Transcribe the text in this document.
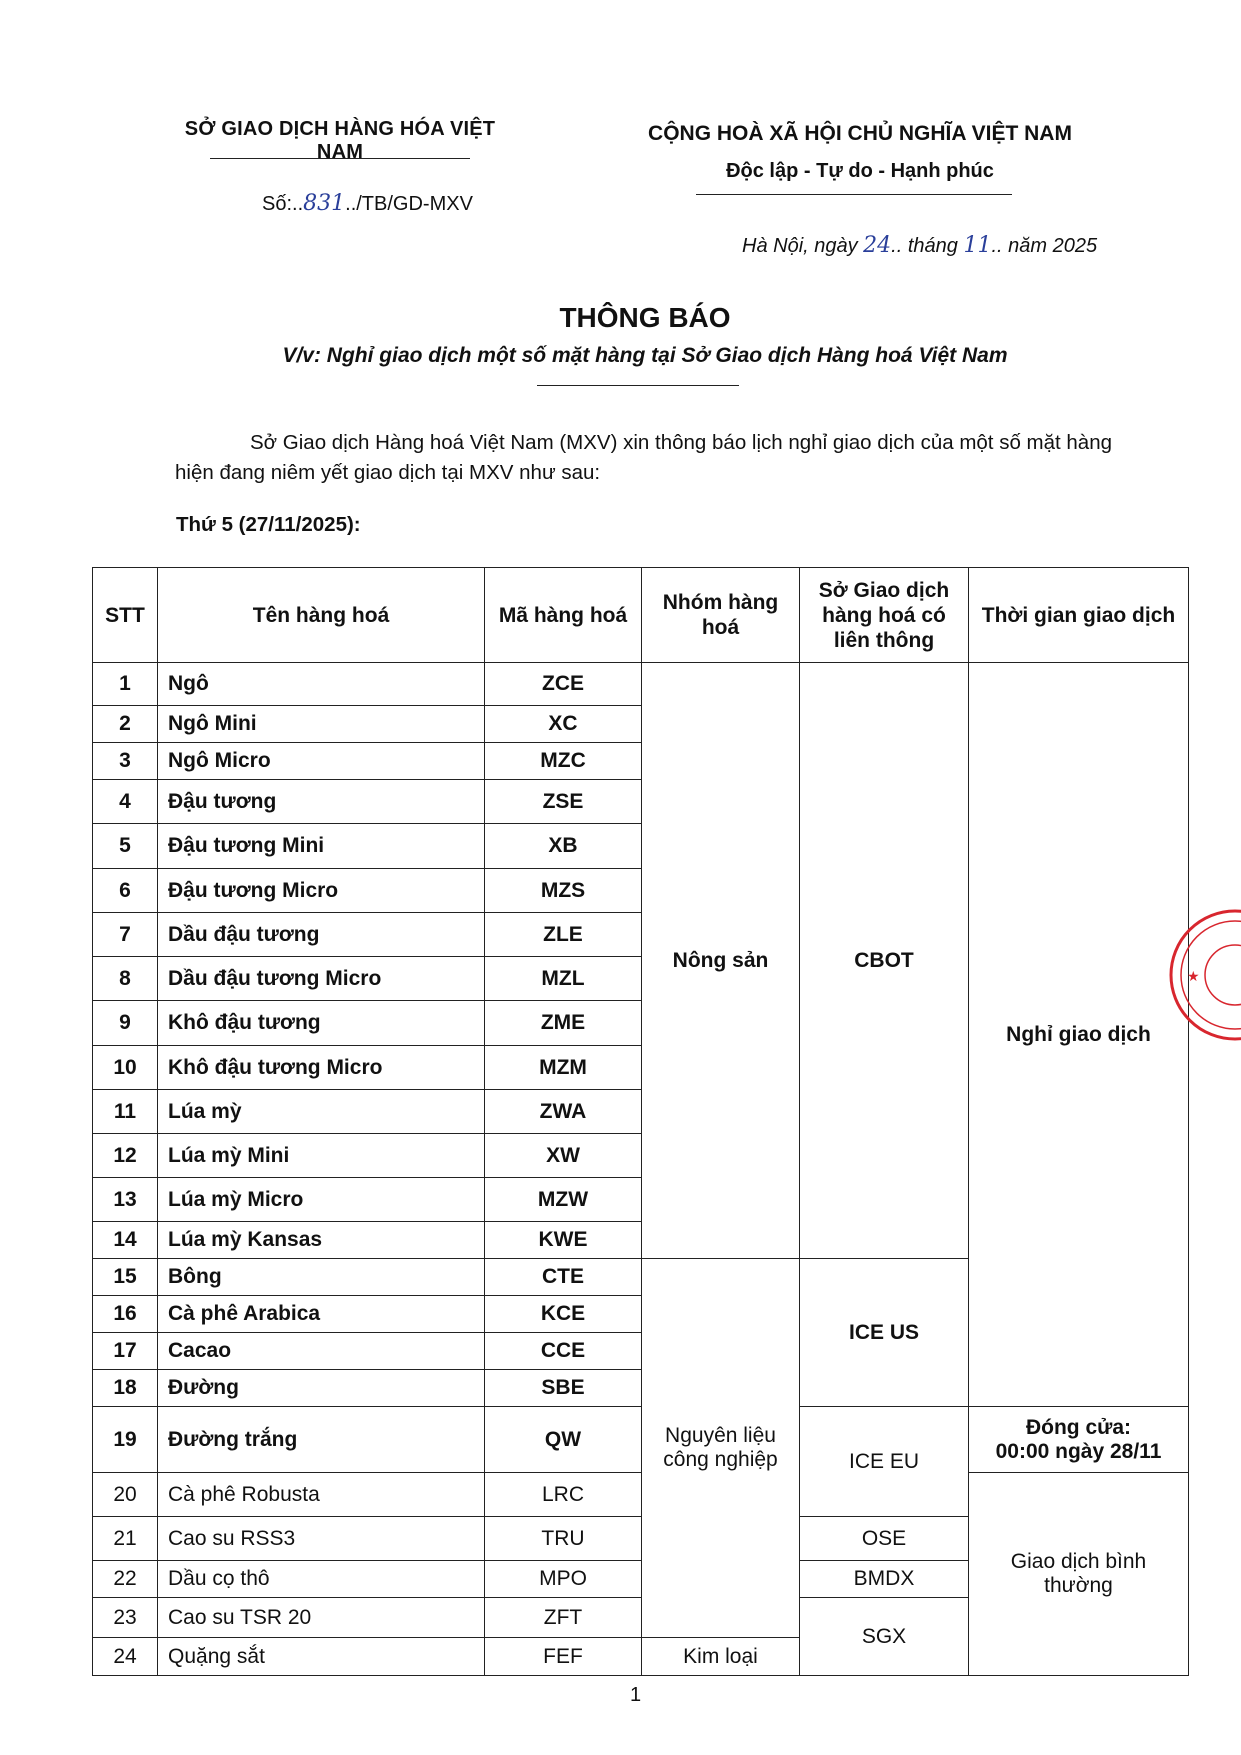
SỞ GIAO DỊCH HÀNG HÓA VIỆT NAM
Số:..831../TB/GD-MXV
CỘNG HOÀ XÃ HỘI CHỦ NGHĨA VIỆT NAM
Độc lập - Tự do - Hạnh phúc
Hà Nội, ngày 24.. tháng 11.. năm 2025
THÔNG BÁO
V/v: Nghỉ giao dịch một số mặt hàng tại Sở Giao dịch Hàng hoá Việt Nam

Sở Giao dịch Hàng hoá Việt Nam (MXV) xin thông báo lịch nghỉ giao dịch của một số mặt hàng hiện đang niêm yết giao dịch tại MXV như sau:

Thứ 5 (27/11/2025):
STT	Tên hàng hoá	Mã hàng hoá	Nhóm hàng hoá	Sở Giao dịch hàng hoá có liên thông	Thời gian giao dịch
1	Ngô	ZCE	Nông sản	CBOT	Nghỉ giao dịch
2	Ngô Mini	XC			
3	Ngô Micro	MZC			
4	Đậu tương	ZSE			
5	Đậu tương Mini	XB			
6	Đậu tương Micro	MZS			
7	Dầu đậu tương	ZLE			
8	Dầu đậu tương Micro	MZL			
9	Khô đậu tương	ZME			
10	Khô đậu tương Micro	MZM			
11	Lúa mỳ	ZWA			
12	Lúa mỳ Mini	XW			
13	Lúa mỳ Micro	MZW			
14	Lúa mỳ Kansas	KWE			
15	Bông	CTE	Nguyên liệu công nghiệp	ICE US	
16	Cà phê Arabica	KCE			
17	Cacao	CCE			
18	Đường	SBE			
19	Đường trắng	QW		ICE EU	Đóng cửa:
00:00 ngày 28/11

20	Cà phê Robusta	LRC			Giao dịch bình thường
21	Cao su RSS3	TRU		OSE	
22	Dầu cọ thô	MPO		BMDX	
23	Cao su TSR 20	ZFT		SGX	
24	Quặng sắt	FEF	Kim loại		
1
★
